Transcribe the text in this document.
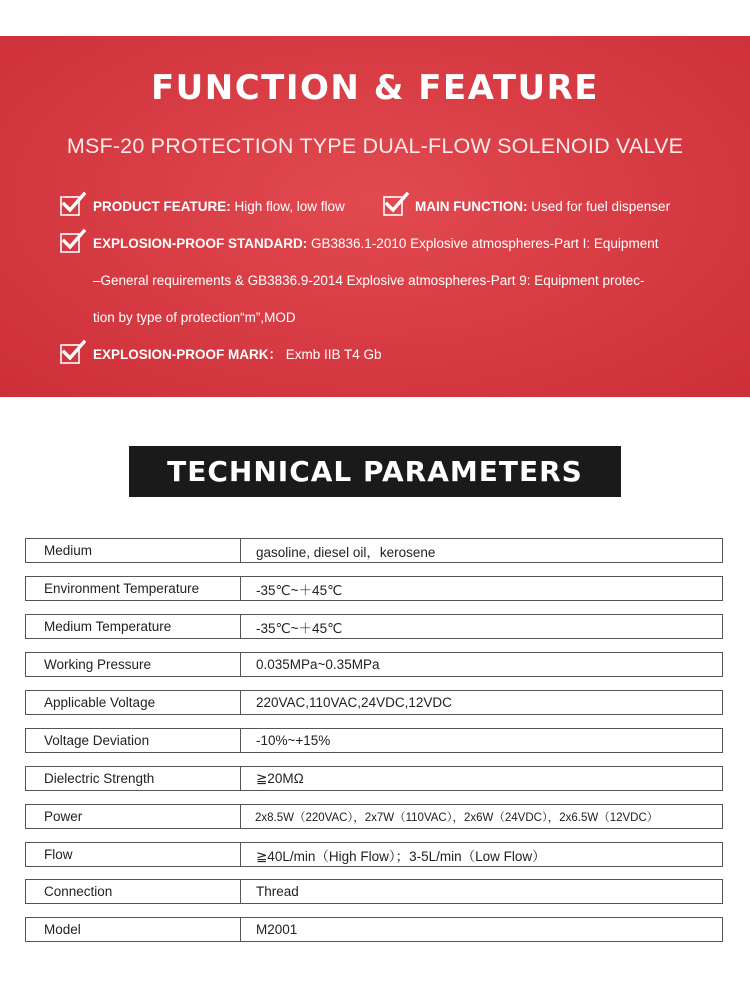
FUNCTION & FEATURE
MSF-20 PROTECTION TYPE DUAL-FLOW SOLENOID VALVE
PRODUCT FEATURE: High flow, low flow	MAIN FUNCTION: Used for fuel dispenser
EXPLOSION-PROOF STANDARD: GB3836.1-2010 Explosive atmospheres-Part I: Equipment
–General requirements & GB3836.9-2014 Explosive atmospheres-Part 9: Equipment protec-
tion by type of protection“m”,MOD
EXPLOSION-PROOF MARK： Exmb IIB T4 Gb
TECHNICAL PARAMETERS
Medium	gasoline, diesel oil，kerosene
Environment Temperature	-35℃~＋45℃
Medium Temperature	-35℃~＋45℃
Working Pressure	0.035MPa~0.35MPa
Applicable Voltage	220VAC,110VAC,24VDC,12VDC
Voltage Deviation	-10%~+15%
Dielectric Strength	≧20MΩ
Power	2x8.5W（220VAC），2x7W（110VAC），2x6W（24VDC），2x6.5W（12VDC）
Flow	≧40L/min（High Flow）；3-5L/min（Low Flow）
Connection	Thread
Model	M2001
